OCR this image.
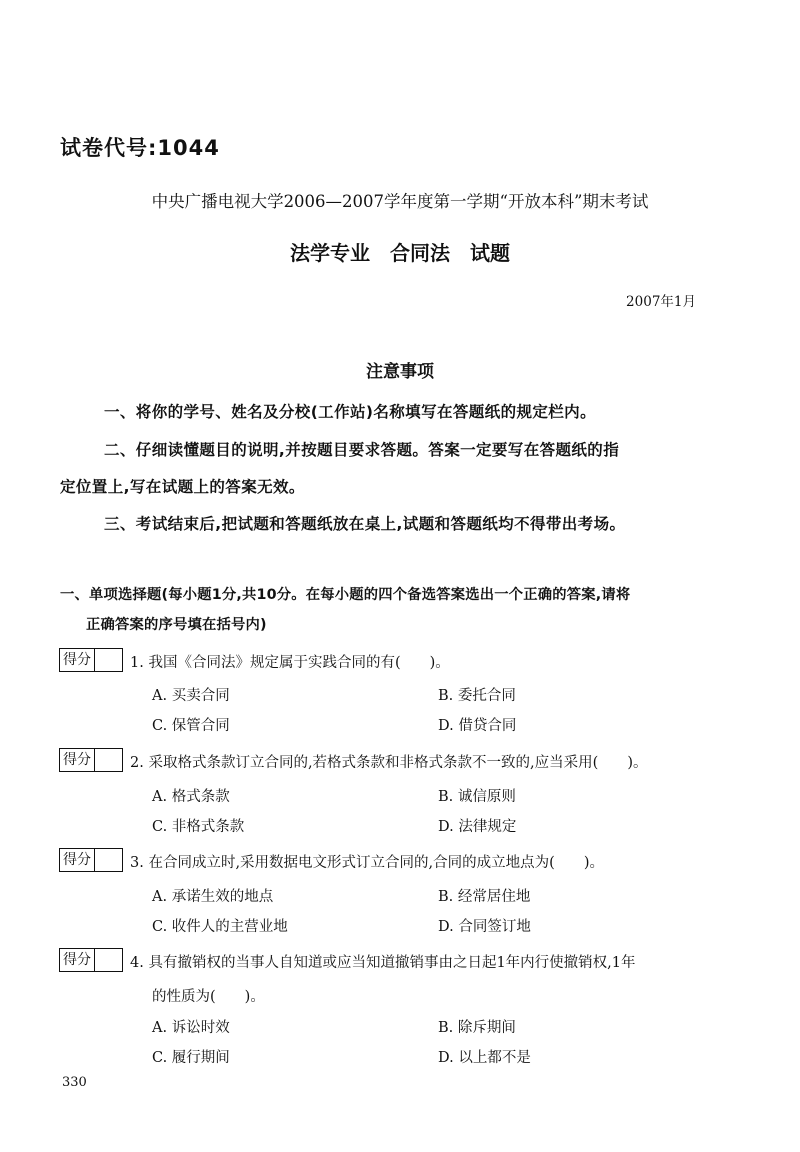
试卷代号:1044
中央广播电视大学2006—2007学年度第一学期“开放本科”期末考试
法学专业　合同法　试题
2007年1月
注意事项
一、将你的学号、姓名及分校(工作站)名称填写在答题纸的规定栏内。
二、仔细读懂题目的说明,并按题目要求答题。答案一定要写在答题纸的指
定位置上,写在试题上的答案无效。
三、考试结束后,把试题和答题纸放在桌上,试题和答题纸均不得带出考场。
一、单项选择题(每小题1分,共10分。在每小题的四个备选答案选出一个正确的答案,请将
正确答案的序号填在括号内)
得分	1. 我国《合同法》规定属于实践合同的有(　　)。
A. 买卖合同	B. 委托合同
C. 保管合同	D. 借贷合同
得分	2. 采取格式条款订立合同的,若格式条款和非格式条款不一致的,应当采用(　　)。
A. 格式条款	B. 诚信原则
C. 非格式条款	D. 法律规定
得分	3. 在合同成立时,采用数据电文形式订立合同的,合同的成立地点为(　　)。
A. 承诺生效的地点	B. 经常居住地
C. 收件人的主营业地	D. 合同签订地
得分	4. 具有撤销权的当事人自知道或应当知道撤销事由之日起1年内行使撤销权,1年
的性质为(　　)。
A. 诉讼时效	B. 除斥期间
C. 履行期间	D. 以上都不是
330
